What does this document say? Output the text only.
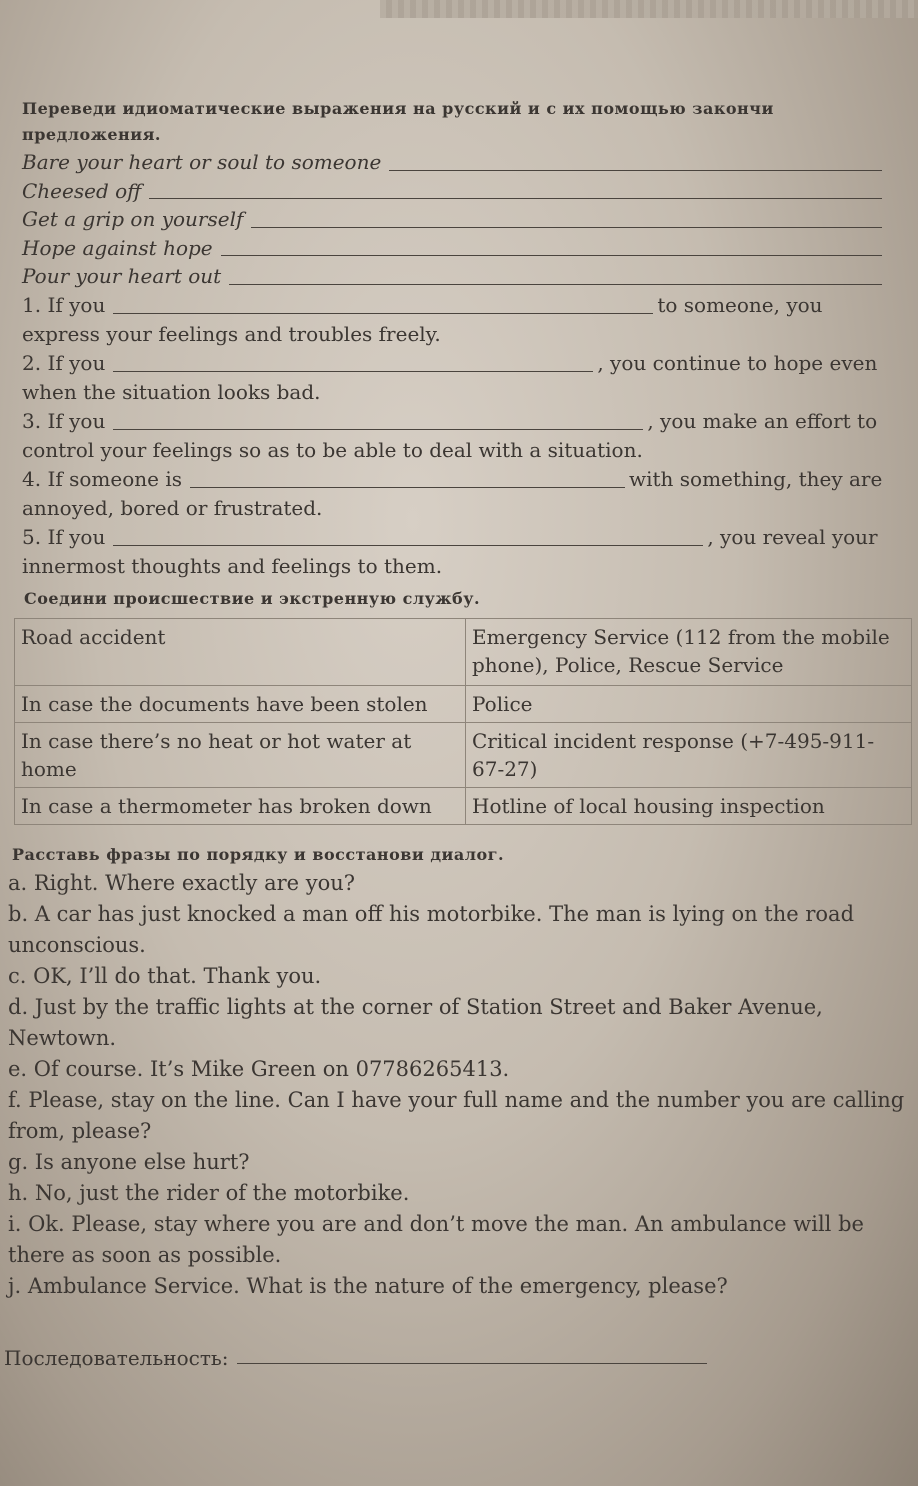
Переведи идиоматические выражения на русский и с их помощью закончи предложения.
Bare your heart or soul to someone
Cheesed off
Get a grip on yourself
Hope against hope
Pour your heart out
1. If you	to someone, you
express your feelings and troubles freely.
2. If you	, you continue to hope even
when the situation looks bad.
3. If you	, you make an effort to
control your feelings so as to be able to deal with a situation.
4. If someone is	with something, they are
annoyed, bored or frustrated.
5. If you	, you reveal your
innermost thoughts and feelings to them.
Соедини происшествие и экстренную службу.
Road accident	Emergency Service (112 from the mobile phone), Police, Rescue Service
In case the documents have been stolen	Police
In case there’s no heat or hot water at home	Critical incident response (+7-495-911-67-27)
In case a thermometer has broken down	Hotline of local housing inspection
Расставь фразы по порядку и восстанови диалог.
a. Right. Where exactly are you?
b. A car has just knocked a man off his motorbike. The man is lying on the road unconscious.
c. OK, I’ll do that. Thank you.
d. Just by the traffic lights at the corner of Station Street and Baker Avenue, Newtown.
e. Of course. It’s Mike Green on 07786265413.
f. Please, stay on the line. Can I have your full name and the number you are calling from, please?
g. Is anyone else hurt?
h. No, just the rider of the motorbike.
i. Ok. Please, stay where you are and don’t move the man. An ambulance will be there as soon as possible.
j. Ambulance Service. What is the nature of the emergency, please?
Последовательность:
